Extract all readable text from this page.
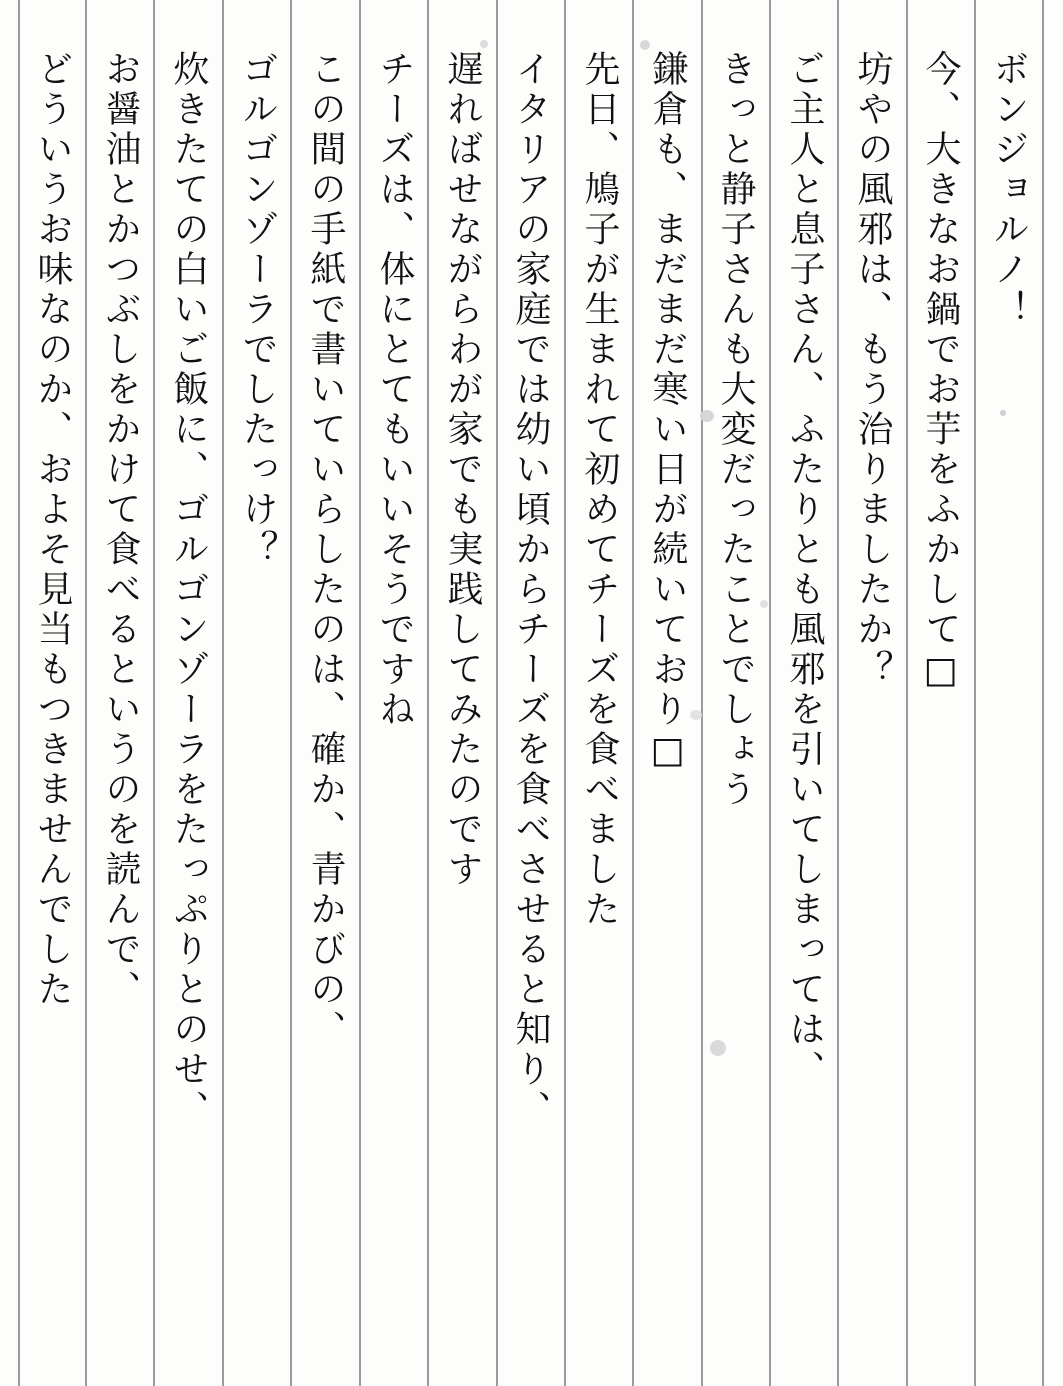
ボンジョルノ！
今、大きなお鍋でお芋をふかして□
坊やの風邪は、もう治りましたか？
ご主人と息子さん、ふたりとも風邪を引いてしまっては、
きっと静子さんも大変だったことでしょう
鎌倉も、まだまだ寒い日が続いており□
先日、鳩子が生まれて初めてチーズを食べました
イタリアの家庭では幼い頃からチーズを食べさせると知り、
遅ればせながらわが家でも実践してみたのです
チーズは、体にとてもいいそうですね
この間の手紙で書いていらしたのは、確か、青かびの、
ゴルゴンゾーラでしたっけ？
炊きたての白いご飯に、ゴルゴンゾーラをたっぷりとのせ、
お醤油とかつぶしをかけて食べるというのを読んで、
どういうお味なのか、およそ見当もつきませんでした
